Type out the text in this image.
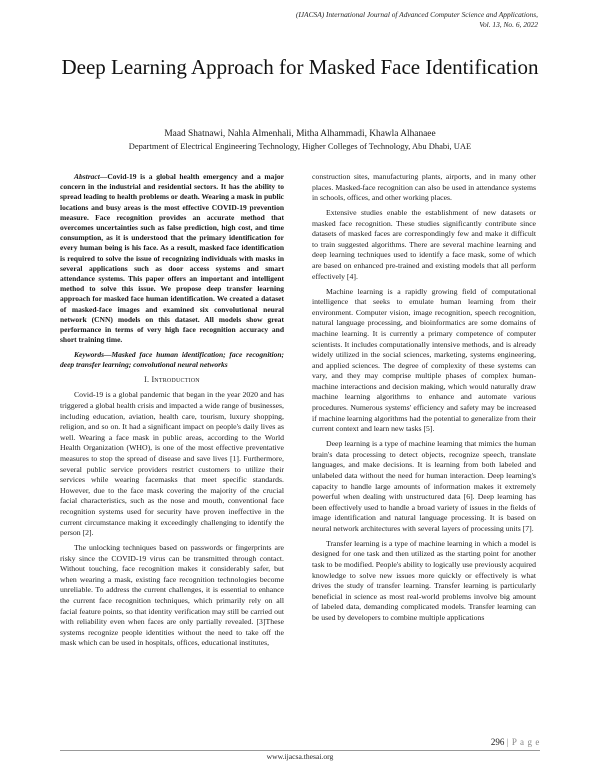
(IJACSA) International Journal of Advanced Computer Science and Applications,
Vol. 13, No. 6, 2022
Deep Learning Approach for Masked Face Identification
Maad Shatnawi, Nahla Almenhali, Mitha Alhammadi, Khawla Alhanaee
Department of Electrical Engineering Technology, Higher Colleges of Technology, Abu Dhabi, UAE

Abstract—Covid-19 is a global health emergency and a major concern in the industrial and residential sectors. It has the ability to spread leading to health problems or death. Wearing a mask in public locations and busy areas is the most effective COVID-19 prevention measure. Face recognition provides an accurate method that overcomes uncertainties such as false prediction, high cost, and time consumption, as it is understood that the primary identification for every human being is his face. As a result, masked face identification is required to solve the issue of recognizing individuals with masks in several applications such as door access systems and smart attendance systems. This paper offers an important and intelligent method to solve this issue. We propose deep transfer learning approach for masked face human identification. We created a dataset of masked-face images and examined six convolutional neural network (CNN) models on this dataset. All models show great performance in terms of very high face recognition accuracy and short training time.

Keywords—Masked face human identification; face recognition; deep transfer learning; convolutional neural networks

I. Introduction

Covid-19 is a global pandemic that began in the year 2020 and has triggered a global health crisis and impacted a wide range of businesses, including education, aviation, health care, tourism, luxury shopping, religion, and so on. It had a significant impact on people's daily lives as well. Wearing a face mask in public areas, according to the World Health Organization (WHO), is one of the most effective preventative measures to stop the spread of disease and save lives [1]. Furthermore, several public service providers restrict customers to utilize their services while wearing facemasks that meet specific standards. However, due to the face mask covering the majority of the crucial facial characteristics, such as the nose and mouth, conventional face recognition systems used for security have proven ineffective in the current circumstance making it exceedingly challenging to identify the person [2].

The unlocking techniques based on passwords or fingerprints are risky since the COVID-19 virus can be transmitted through contact. Without touching, face recognition makes it considerably safer, but when wearing a mask, existing face recognition technologies become unreliable. To address the current challenges, it is essential to enhance the current face recognition techniques, which primarily rely on all facial feature points, so that identity verification may still be carried out with reliability even when faces are only partially revealed. [3]These systems recognize people identities without the need to take off the mask which can be used in hospitals, offices, educational institutes,

construction sites, manufacturing plants, airports, and in many other places. Masked-face recognition can also be used in attendance systems in schools, offices, and other working places.

Extensive studies enable the establishment of new datasets or masked face recognition. These studies significantly contribute since datasets of masked faces are correspondingly few and make it difficult to train suggested algorithms. There are several machine learning and deep learning techniques used to identify a face mask, some of which are based on enhanced pre-trained and existing models that all perform effectively [4].

Machine learning is a rapidly growing field of computational intelligence that seeks to emulate human learning from their environment. Computer vision, image recognition, speech recognition, natural language processing, and bioinformatics are some domains of machine learning. It is currently a primary competence of computer scientists. It includes computationally intensive methods, and is already widely utilized in the social sciences, marketing, systems engineering, and applied sciences. The degree of complexity of these systems can vary, and they may comprise multiple phases of complex human-machine interactions and decision making, which would naturally draw machine learning algorithms to enhance and automate various procedures. Numerous systems' efficiency and safety may be increased if machine learning algorithms had the potential to generalize from their current context and learn new tasks [5].

Deep learning is a type of machine learning that mimics the human brain's data processing to detect objects, recognize speech, translate languages, and make decisions. It is learning from both labeled and unlabeled data without the need for human interaction. Deep learning's capacity to handle large amounts of information makes it extremely powerful when dealing with unstructured data [6]. Deep learning has been effectively used to handle a broad variety of issues in the fields of image identification and natural language processing. It is based on neural network architectures with several layers of processing units [7].

Transfer learning is a type of machine learning in which a model is designed for one task and then utilized as the starting point for another task to be modified. People's ability to logically use previously acquired knowledge to solve new issues more quickly or effectively is what drives the study of transfer learning. Transfer learning is particularly beneficial in science as most real-world problems involve big amount of labeled data, demanding complicated models. Transfer learning can be used by developers to combine multiple applications

296 | P a g e
www.ijacsa.thesai.org
